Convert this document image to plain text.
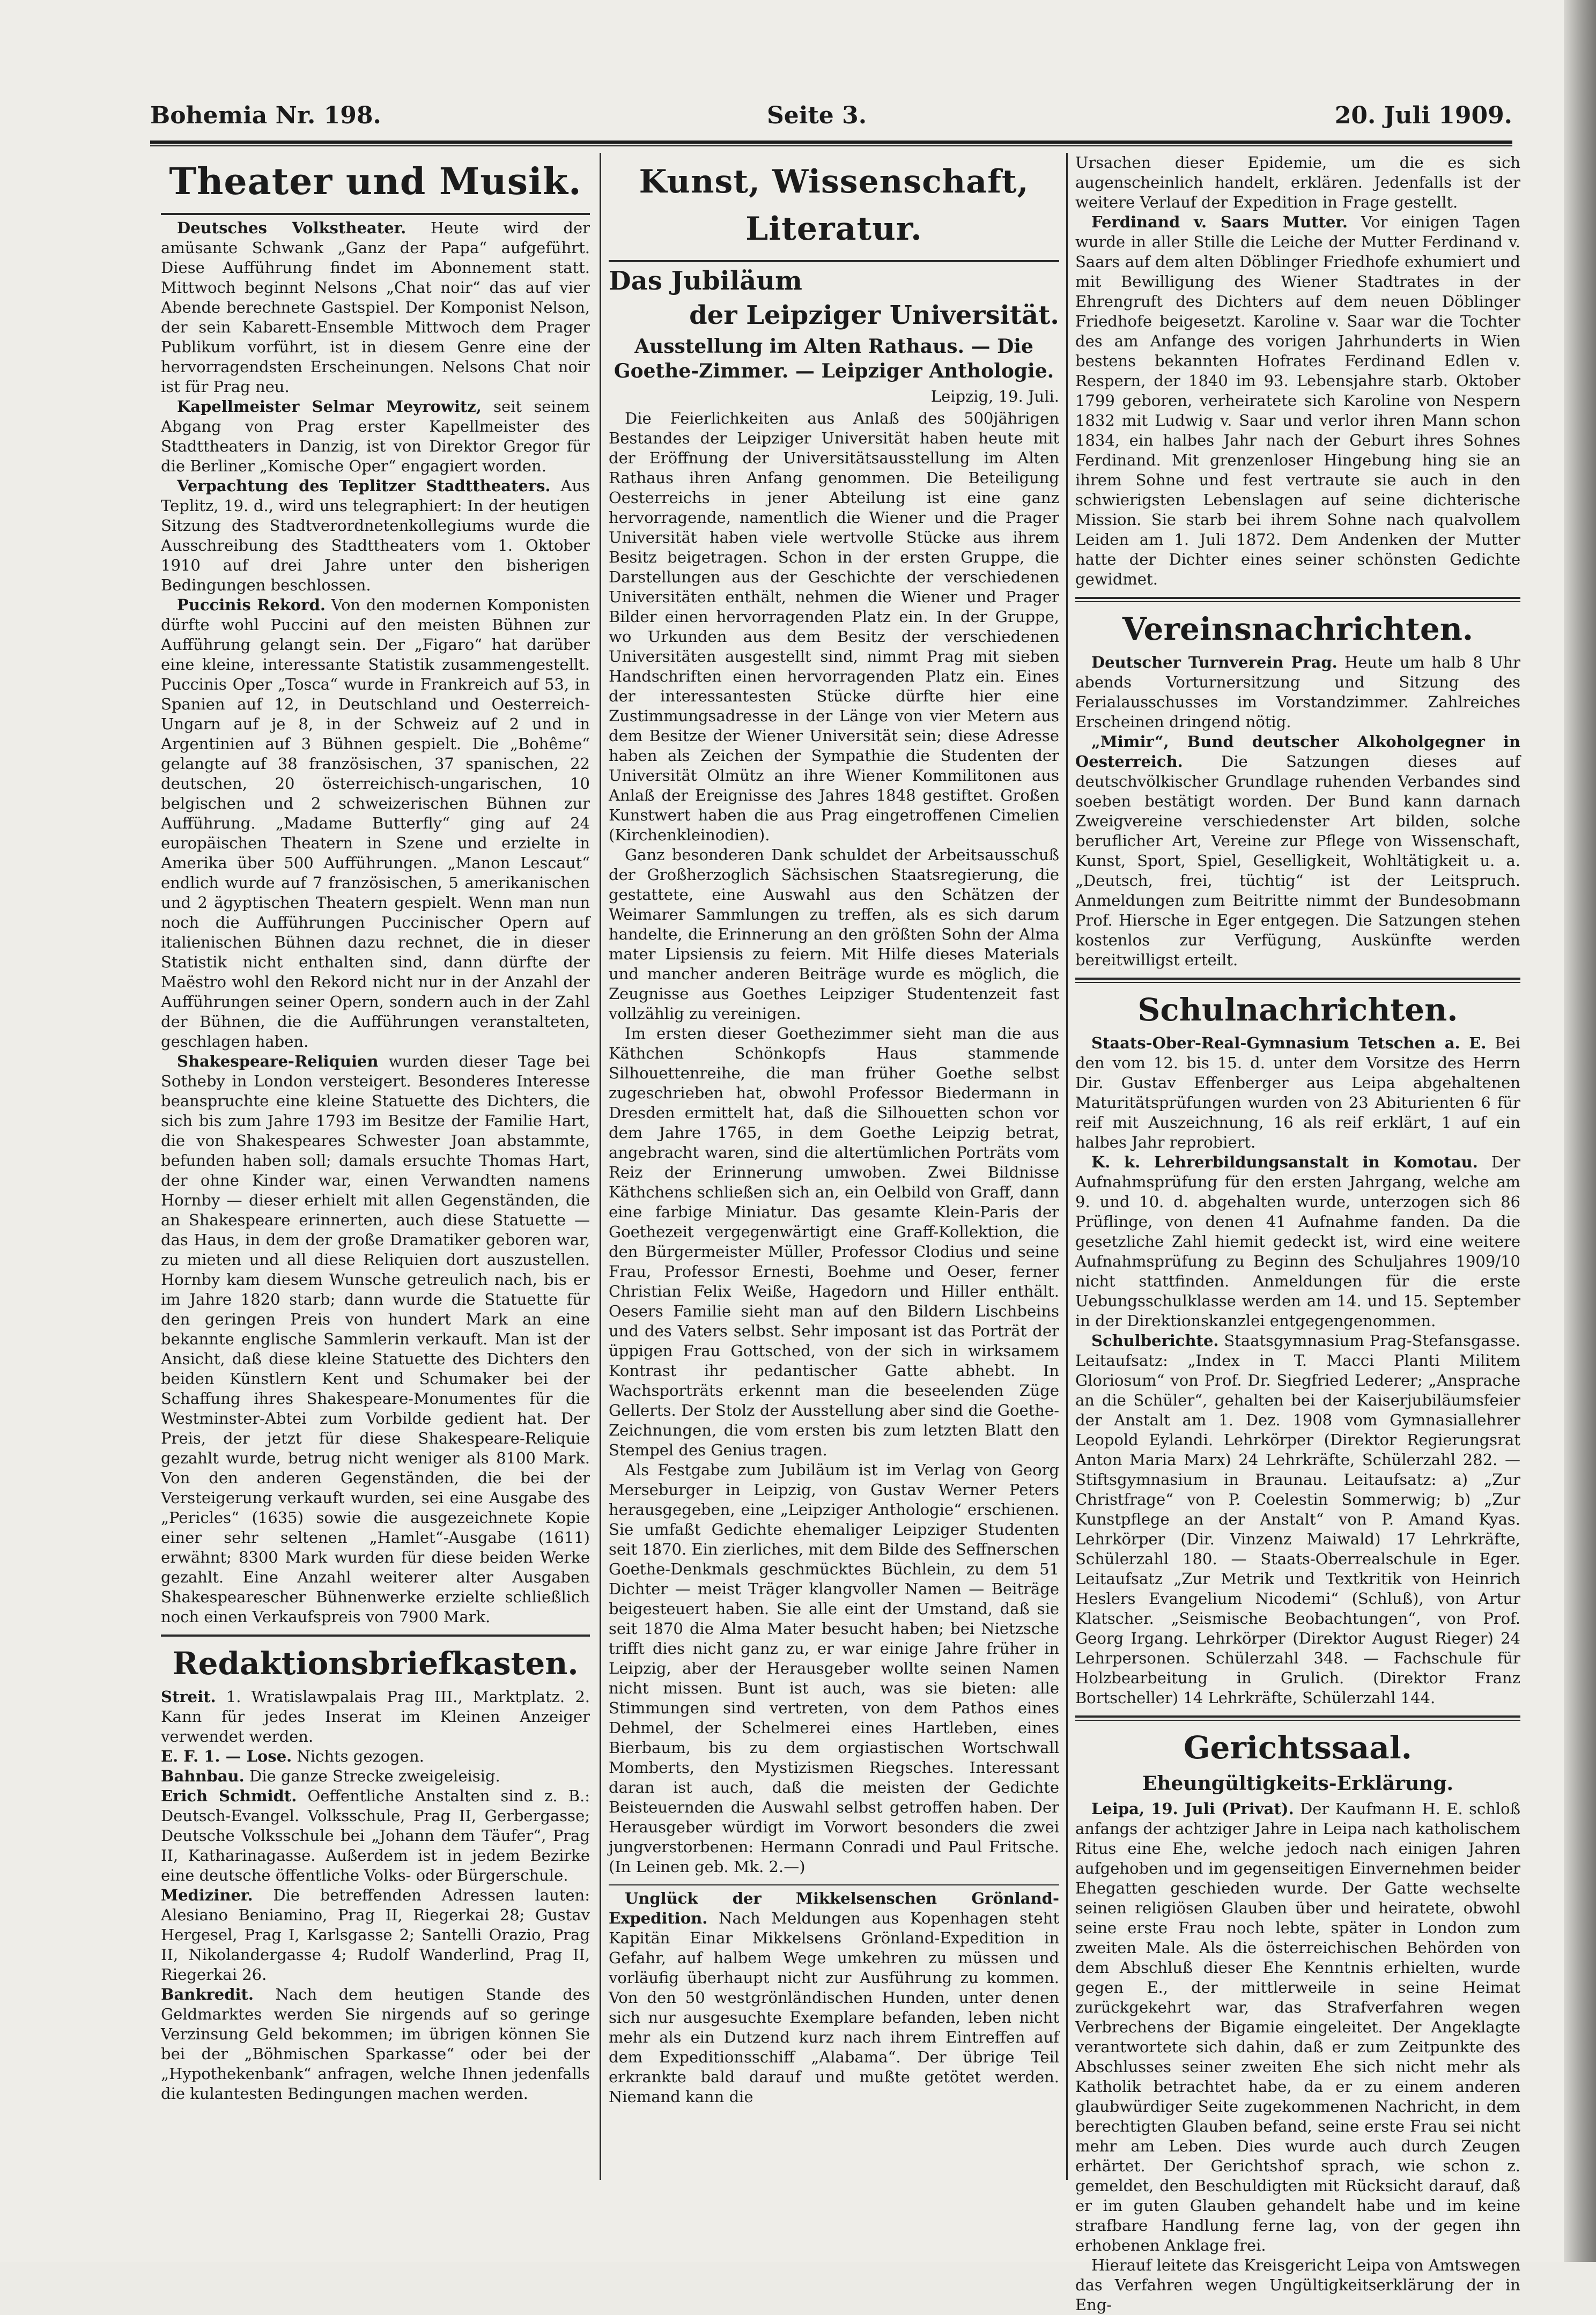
Bohemia Nr. 198.	Seite 3.	20. Juli 1909.
Theater und Musik.

Deutsches Volkstheater. Heute wird der amüsante Schwank „Ganz der Papa“ aufgeführt. Diese Aufführung findet im Abonnement statt. Mittwoch beginnt Nelsons „Chat noir“ das auf vier Abende berechnete Gastspiel. Der Komponist Nelson, der sein Kabarett-Ensemble Mittwoch dem Prager Publikum vorführt, ist in diesem Genre eine der hervorragendsten Erscheinungen. Nelsons Chat noir ist für Prag neu.

Kapellmeister Selmar Meyrowitz, seit seinem Abgang von Prag erster Kapellmeister des Stadttheaters in Danzig, ist von Direktor Gregor für die Berliner „Komische Oper“ engagiert worden.

Verpachtung des Teplitzer Stadttheaters. Aus Teplitz, 19. d., wird uns telegraphiert: In der heutigen Sitzung des Stadtverordnetenkollegiums wurde die Ausschreibung des Stadttheaters vom 1. Oktober 1910 auf drei Jahre unter den bisherigen Bedingungen beschlossen.

Puccinis Rekord. Von den modernen Komponisten dürfte wohl Puccini auf den meisten Bühnen zur Aufführung gelangt sein. Der „Figaro“ hat darüber eine kleine, interessante Statistik zusammengestellt. Puccinis Oper „Tosca“ wurde in Frankreich auf 53, in Spanien auf 12, in Deutschland und Oesterreich-Ungarn auf je 8, in der Schweiz auf 2 und in Argentinien auf 3 Bühnen gespielt. Die „Bohême“ gelangte auf 38 französischen, 37 spanischen, 22 deutschen, 20 österreichisch-ungarischen, 10 belgischen und 2 schweizerischen Bühnen zur Aufführung. „Madame Butterfly“ ging auf 24 europäischen Theatern in Szene und erzielte in Amerika über 500 Aufführungen. „Manon Lescaut“ endlich wurde auf 7 französischen, 5 amerikanischen und 2 ägyptischen Theatern gespielt. Wenn man nun noch die Aufführungen Puccinischer Opern auf italienischen Bühnen dazu rechnet, die in dieser Statistik nicht enthalten sind, dann dürfte der Maëstro wohl den Rekord nicht nur in der Anzahl der Aufführungen seiner Opern, sondern auch in der Zahl der Bühnen, die die Aufführungen veranstalteten, geschlagen haben.

Shakespeare-Reliquien wurden dieser Tage bei Sotheby in London versteigert. Besonderes Interesse beanspruchte eine kleine Statuette des Dichters, die sich bis zum Jahre 1793 im Besitze der Familie Hart, die von Shakespeares Schwester Joan abstammte, befunden haben soll; damals ersuchte Thomas Hart, der ohne Kinder war, einen Verwandten namens Hornby — dieser erhielt mit allen Gegenständen, die an Shakespeare erinnerten, auch diese Statuette — das Haus, in dem der große Dramatiker geboren war, zu mieten und all diese Reliquien dort auszustellen. Hornby kam diesem Wunsche getreulich nach, bis er im Jahre 1820 starb; dann wurde die Statuette für den geringen Preis von hundert Mark an eine bekannte englische Sammlerin verkauft. Man ist der Ansicht, daß diese kleine Statuette des Dichters den beiden Künstlern Kent und Schumaker bei der Schaffung ihres Shakespeare-Monumentes für die Westminster-Abtei zum Vorbilde gedient hat. Der Preis, der jetzt für diese Shakespeare-Reliquie gezahlt wurde, betrug nicht weniger als 8100 Mark. Von den anderen Gegenständen, die bei der Versteigerung verkauft wurden, sei eine Ausgabe des „Pericles“ (1635) sowie die ausgezeichnete Kopie einer sehr seltenen „Hamlet“-Ausgabe (1611) erwähnt; 8300 Mark wurden für diese beiden Werke gezahlt. Eine Anzahl weiterer alter Ausgaben Shakespearescher Bühnenwerke erzielte schließlich noch einen Verkaufspreis von 7900 Mark.

Redaktionsbriefkasten.

Streit. 1. Wratislawpalais Prag III., Marktplatz. 2. Kann für jedes Inserat im Kleinen Anzeiger verwendet werden.

E. F. 1. — Lose. Nichts gezogen.

Bahnbau. Die ganze Strecke zweigeleisig.

Erich Schmidt. Oeffentliche Anstalten sind z. B.: Deutsch-Evangel. Volksschule, Prag II, Gerbergasse; Deutsche Volksschule bei „Johann dem Täufer“, Prag II, Katharinagasse. Außerdem ist in jedem Bezirke eine deutsche öffentliche Volks- oder Bürgerschule.

Mediziner. Die betreffenden Adressen lauten: Alesiano Beniamino, Prag II, Riegerkai 28; Gustav Hergesel, Prag I, Karlsgasse 2; Santelli Orazio, Prag II, Nikolandergasse 4; Rudolf Wanderlind, Prag II, Riegerkai 26.

Bankredit. Nach dem heutigen Stande des Geldmarktes werden Sie nirgends auf so geringe Verzinsung Geld bekommen; im übrigen können Sie bei der „Böhmischen Sparkasse“ oder bei der „Hypothekenbank“ anfragen, welche Ihnen jedenfalls die kulantesten Bedingungen machen werden.

Kunst, Wissenschaft, Literatur.
Das Jubiläum
der Leipziger Universität.
Ausstellung im Alten Rathaus. — Die Goethe-Zimmer. — Leipziger Anthologie.
Leipzig, 19. Juli.

Die Feierlichkeiten aus Anlaß des 500jährigen Bestandes der Leipziger Universität haben heute mit der Eröffnung der Universitätsausstellung im Alten Rathaus ihren Anfang genommen. Die Beteiligung Oesterreichs in jener Abteilung ist eine ganz hervorragende, namentlich die Wiener und die Prager Universität haben viele wertvolle Stücke aus ihrem Besitz beigetragen. Schon in der ersten Gruppe, die Darstellungen aus der Geschichte der verschiedenen Universitäten enthält, nehmen die Wiener und Prager Bilder einen hervorragenden Platz ein. In der Gruppe, wo Urkunden aus dem Besitz der verschiedenen Universitäten ausgestellt sind, nimmt Prag mit sieben Handschriften einen hervorragenden Platz ein. Eines der interessantesten Stücke dürfte hier eine Zustimmungsadresse in der Länge von vier Metern aus dem Besitze der Wiener Universität sein; diese Adresse haben als Zeichen der Sympathie die Studenten der Universität Olmütz an ihre Wiener Kommilitonen aus Anlaß der Ereignisse des Jahres 1848 gestiftet. Großen Kunstwert haben die aus Prag eingetroffenen Cimelien (Kirchenkleinodien).

Ganz besonderen Dank schuldet der Arbeitsausschuß der Großherzoglich Sächsischen Staatsregierung, die gestattete, eine Auswahl aus den Schätzen der Weimarer Sammlungen zu treffen, als es sich darum handelte, die Erinnerung an den größten Sohn der Alma mater Lipsiensis zu feiern. Mit Hilfe dieses Materials und mancher anderen Beiträge wurde es möglich, die Zeugnisse aus Goethes Leipziger Studentenzeit fast vollzählig zu vereinigen.

Im ersten dieser Goethezimmer sieht man die aus Käthchen Schönkopfs Haus stammende Silhouettenreihe, die man früher Goethe selbst zugeschrieben hat, obwohl Professor Biedermann in Dresden ermittelt hat, daß die Silhouetten schon vor dem Jahre 1765, in dem Goethe Leipzig betrat, angebracht waren, sind die altertümlichen Porträts vom Reiz der Erinnerung umwoben. Zwei Bildnisse Käthchens schließen sich an, ein Oelbild von Graff, dann eine farbige Miniatur. Das gesamte Klein-Paris der Goethezeit vergegenwärtigt eine Graff-Kollektion, die den Bürgermeister Müller, Professor Clodius und seine Frau, Professor Ernesti, Boehme und Oeser, ferner Christian Felix Weiße, Hagedorn und Hiller enthält. Oesers Familie sieht man auf den Bildern Lischbeins und des Vaters selbst. Sehr imposant ist das Porträt der üppigen Frau Gottsched, von der sich in wirksamem Kontrast ihr pedantischer Gatte abhebt. In Wachsporträts erkennt man die beseelenden Züge Gellerts. Der Stolz der Ausstellung aber sind die Goethe-Zeichnungen, die vom ersten bis zum letzten Blatt den Stempel des Genius tragen.

Als Festgabe zum Jubiläum ist im Verlag von Georg Merseburger in Leipzig, von Gustav Werner Peters herausgegeben, eine „Leipziger Anthologie“ erschienen. Sie umfaßt Gedichte ehemaliger Leipziger Studenten seit 1870. Ein zierliches, mit dem Bilde des Seffnerschen Goethe-Denkmals geschmücktes Büchlein, zu dem 51 Dichter — meist Träger klangvoller Namen — Beiträge beigesteuert haben. Sie alle eint der Umstand, daß sie seit 1870 die Alma Mater besucht haben; bei Nietzsche trifft dies nicht ganz zu, er war einige Jahre früher in Leipzig, aber der Herausgeber wollte seinen Namen nicht missen. Bunt ist auch, was sie bieten: alle Stimmungen sind vertreten, von dem Pathos eines Dehmel, der Schelmerei eines Hartleben, eines Bierbaum, bis zu dem orgiastischen Wortschwall Momberts, den Mystizismen Riegsches. Interessant daran ist auch, daß die meisten der Gedichte Beisteuernden die Auswahl selbst getroffen haben. Der Herausgeber würdigt im Vorwort besonders die zwei jungverstorbenen: Hermann Conradi und Paul Fritsche. (In Leinen geb. Mk. 2.—)

Unglück der Mikkelsenschen Grönland-Expedition. Nach Meldungen aus Kopenhagen steht Kapitän Einar Mikkelsens Grönland-Expedition in Gefahr, auf halbem Wege umkehren zu müssen und vorläufig überhaupt nicht zur Ausführung zu kommen. Von den 50 westgrönländischen Hunden, unter denen sich nur ausgesuchte Exemplare befanden, leben nicht mehr als ein Dutzend kurz nach ihrem Eintreffen auf dem Expeditionsschiff „Alabama“. Der übrige Teil erkrankte bald darauf und mußte getötet werden. Niemand kann die

Ursachen dieser Epidemie, um die es sich augenscheinlich handelt, erklären. Jedenfalls ist der weitere Verlauf der Expedition in Frage gestellt.

Ferdinand v. Saars Mutter. Vor einigen Tagen wurde in aller Stille die Leiche der Mutter Ferdinand v. Saars auf dem alten Döblinger Friedhofe exhumiert und mit Bewilligung des Wiener Stadtrates in der Ehrengruft des Dichters auf dem neuen Döblinger Friedhofe beigesetzt. Karoline v. Saar war die Tochter des am Anfange des vorigen Jahrhunderts in Wien bestens bekannten Hofrates Ferdinand Edlen v. Respern, der 1840 im 93. Lebensjahre starb. Oktober 1799 geboren, verheiratete sich Karoline von Nespern 1832 mit Ludwig v. Saar und verlor ihren Mann schon 1834, ein halbes Jahr nach der Geburt ihres Sohnes Ferdinand. Mit grenzenloser Hingebung hing sie an ihrem Sohne und fest vertraute sie auch in den schwierigsten Lebenslagen auf seine dichterische Mission. Sie starb bei ihrem Sohne nach qualvollem Leiden am 1. Juli 1872. Dem Andenken der Mutter hatte der Dichter eines seiner schönsten Gedichte gewidmet.

Vereinsnachrichten.

Deutscher Turnverein Prag. Heute um halb 8 Uhr abends Vorturnersitzung und Sitzung des Ferialausschusses im Vorstandzimmer. Zahlreiches Erscheinen dringend nötig.

„Mimir“, Bund deutscher Alkoholgegner in Oesterreich. Die Satzungen dieses auf deutschvölkischer Grundlage ruhenden Verbandes sind soeben bestätigt worden. Der Bund kann darnach Zweigvereine verschiedenster Art bilden, solche beruflicher Art, Vereine zur Pflege von Wissenschaft, Kunst, Sport, Spiel, Geselligkeit, Wohltätigkeit u. a. „Deutsch, frei, tüchtig“ ist der Leitspruch. Anmeldungen zum Beitritte nimmt der Bundesobmann Prof. Hiersche in Eger entgegen. Die Satzungen stehen kostenlos zur Verfügung, Auskünfte werden bereitwilligst erteilt.

Schulnachrichten.

Staats-Ober-Real-Gymnasium Tetschen a. E. Bei den vom 12. bis 15. d. unter dem Vorsitze des Herrn Dir. Gustav Effenberger aus Leipa abgehaltenen Maturitätsprüfungen wurden von 23 Abiturienten 6 für reif mit Auszeichnung, 16 als reif erklärt, 1 auf ein halbes Jahr reprobiert.

K. k. Lehrerbildungsanstalt in Komotau. Der Aufnahmsprüfung für den ersten Jahrgang, welche am 9. und 10. d. abgehalten wurde, unterzogen sich 86 Prüflinge, von denen 41 Aufnahme fanden. Da die gesetzliche Zahl hiemit gedeckt ist, wird eine weitere Aufnahmsprüfung zu Beginn des Schuljahres 1909/10 nicht stattfinden. Anmeldungen für die erste Uebungsschulklasse werden am 14. und 15. September in der Direktionskanzlei entgegengenommen.

Schulberichte. Staatsgymnasium Prag-Stefansgasse. Leitaufsatz: „Index in T. Macci Planti Militem Gloriosum“ von Prof. Dr. Siegfried Lederer; „Ansprache an die Schüler“, gehalten bei der Kaiserjubiläumsfeier der Anstalt am 1. Dez. 1908 vom Gymnasiallehrer Leopold Eylandi. Lehrkörper (Direktor Regierungsrat Anton Maria Marx) 24 Lehrkräfte, Schülerzahl 282. — Stiftsgymnasium in Braunau. Leitaufsatz: a) „Zur Christfrage“ von P. Coelestin Sommerwig; b) „Zur Kunstpflege an der Anstalt“ von P. Amand Kyas. Lehrkörper (Dir. Vinzenz Maiwald) 17 Lehrkräfte, Schülerzahl 180. — Staats-Oberrealschule in Eger. Leitaufsatz „Zur Metrik und Textkritik von Heinrich Heslers Evangelium Nicodemi“ (Schluß), von Artur Klatscher. „Seismische Beobachtungen“, von Prof. Georg Irgang. Lehrkörper (Direktor August Rieger) 24 Lehrpersonen. Schülerzahl 348. — Fachschule für Holzbearbeitung in Grulich. (Direktor Franz Bortscheller) 14 Lehrkräfte, Schülerzahl 144.

Gerichtssaal.
Eheungültigkeits-Erklärung.

Leipa, 19. Juli (Privat). Der Kaufmann H. E. schloß anfangs der achtziger Jahre in Leipa nach katholischem Ritus eine Ehe, welche jedoch nach einigen Jahren aufgehoben und im gegenseitigen Einvernehmen beider Ehegatten geschieden wurde. Der Gatte wechselte seinen religiösen Glauben über und heiratete, obwohl seine erste Frau noch lebte, später in London zum zweiten Male. Als die österreichischen Behörden von dem Abschluß dieser Ehe Kenntnis erhielten, wurde gegen E., der mittlerweile in seine Heimat zurückgekehrt war, das Strafverfahren wegen Verbrechens der Bigamie eingeleitet. Der Angeklagte verantwortete sich dahin, daß er zum Zeitpunkte des Abschlusses seiner zweiten Ehe sich nicht mehr als Katholik betrachtet habe, da er zu einem anderen glaubwürdiger Seite zugekommenen Nachricht, in dem berechtigten Glauben befand, seine erste Frau sei nicht mehr am Leben. Dies wurde auch durch Zeugen erhärtet. Der Gerichtshof sprach, wie schon z. gemeldet, den Beschuldigten mit Rücksicht darauf, daß er im guten Glauben gehandelt habe und im keine strafbare Handlung ferne lag, von der gegen ihn erhobenen Anklage frei.

Hierauf leitete das Kreisgericht Leipa von Amtswegen das Verfahren wegen Ungültigkeitserklärung der in Eng-
